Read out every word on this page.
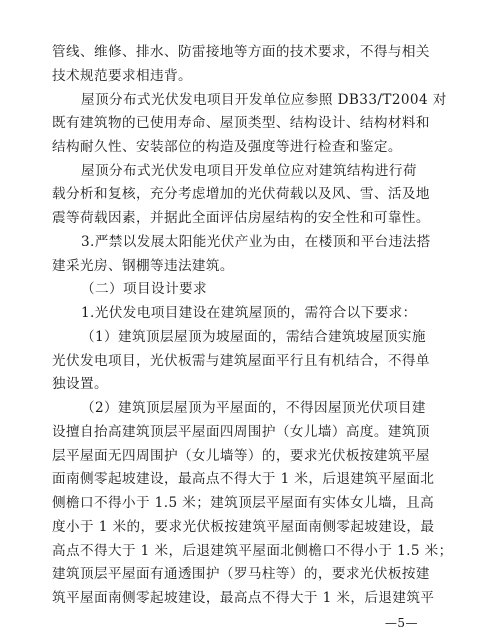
管线、维修、排水、防雷接地等方面的技术要求，不得与相关
技术规范要求相违背。
屋顶分布式光伏发电项目开发单位应参照 DB33/T2004 对
既有建筑物的已使用寿命、屋顶类型、结构设计、结构材料和
结构耐久性、安装部位的构造及强度等进行检查和鉴定。
屋顶分布式光伏发电项目开发单位应对建筑结构进行荷
载分析和复核，充分考虑增加的光伏荷载以及风、雪、活及地
震等荷载因素，并据此全面评估房屋结构的安全性和可靠性。
3.严禁以发展太阳能光伏产业为由，在楼顶和平台违法搭
建采光房、钢棚等违法建筑。
（二）项目设计要求
1.光伏发电项目建设在建筑屋顶的，需符合以下要求：
（1）建筑顶层屋顶为坡屋面的，需结合建筑坡屋顶实施
光伏发电项目，光伏板需与建筑屋面平行且有机结合，不得单
独设置。
（2）建筑顶层屋顶为平屋面的，不得因屋顶光伏项目建
设擅自抬高建筑顶层平屋面四周围护（女儿墙）高度。建筑顶
层平屋面无四周围护（女儿墙等）的，要求光伏板按建筑平屋
面南侧零起坡建设，最高点不得大于 1 米，后退建筑平屋面北
侧檐口不得小于 1.5 米；建筑顶层平屋面有实体女儿墙，且高
度小于 1 米的，要求光伏板按建筑平屋面南侧零起坡建设，最
高点不得大于 1 米，后退建筑平屋面北侧檐口不得小于 1.5 米；
建筑顶层平屋面有通透围护（罗马柱等）的，要求光伏板按建
筑平屋面南侧零起坡建设，最高点不得大于 1 米，后退建筑平
—5—
